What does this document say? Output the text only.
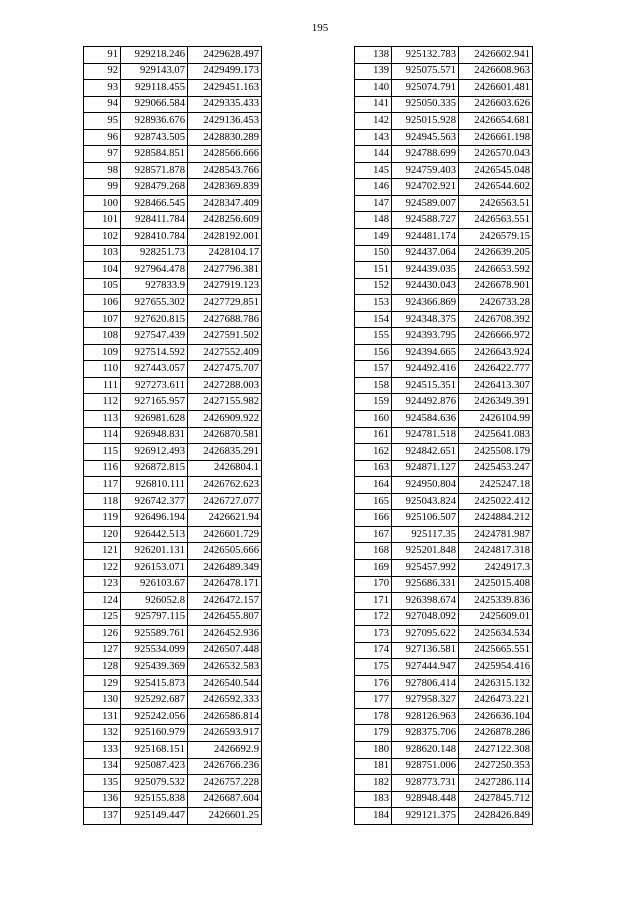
195
91	929218.246	2429628.497
92	929143.07	2429499.173
93	929118.455	2429451.163
94	929066.584	2429335.433
95	928936.676	2429136.453
96	928743.505	2428830.289
97	928584.851	2428566.666
98	928571.878	2428543.766
99	928479.268	2428369.839
100	928466.545	2428347.409
101	928411.784	2428256.609
102	928410.784	2428192.001
103	928251.73	2428104.17
104	927964.478	2427796.381
105	927833.9	2427919.123
106	927655.302	2427729.851
107	927620.815	2427688.786
108	927547.439	2427591.502
109	927514.592	2427552.409
110	927443.057	2427475.707
111	927273.611	2427288.003
112	927165.957	2427155.982
113	926981.628	2426909.922
114	926948.831	2426870.581
115	926912.493	2426835.291
116	926872.815	2426804.1
117	926810.111	2426762.623
118	926742.377	2426727.077
119	926496.194	2426621.94
120	926442.513	2426601.729
121	926201.131	2426505.666
122	926153.071	2426489.349
123	926103.67	2426478.171
124	926052.8	2426472.157
125	925797.115	2426455.807
126	925589.761	2426452.936
127	925534.099	2426507.448
128	925439.369	2426532.583
129	925415.873	2426540.544
130	925292.687	2426592.333
131	925242.056	2426586.814
132	925160.979	2426593.917
133	925168.151	2426692.9
134	925087.423	2426766.236
135	925079.532	2426757.228
136	925155.838	2426687.604
137	925149.447	2426601.25
138	925132.783	2426602.941
139	925075.571	2426608.963
140	925074.791	2426601.481
141	925050.335	2426603.626
142	925015.928	2426654.681
143	924945.563	2426661.198
144	924788.699	2426570.043
145	924759.403	2426545.048
146	924702.921	2426544.602
147	924589.007	2426563.51
148	924588.727	2426563.551
149	924481.174	2426579.15
150	924437.064	2426639.205
151	924439.035	2426653.592
152	924430.043	2426678.901
153	924366.869	2426733.28
154	924348.375	2426708.392
155	924393.795	2426666.972
156	924394.665	2426643.924
157	924492.416	2426422.777
158	924515.351	2426413.307
159	924492.876	2426349.391
160	924584.636	2426104.99
161	924781.518	2425641.083
162	924842.651	2425508.179
163	924871.127	2425453.247
164	924950.804	2425247.18
165	925043.824	2425022.412
166	925106.507	2424884.212
167	925117.35	2424781.987
168	925201.848	2424817.318
169	925457.992	2424917.3
170	925686.331	2425015.408
171	926398.674	2425339.836
172	927048.092	2425609.01
173	927095.622	2425634.534
174	927136.581	2425665.551
175	927444.947	2425954.416
176	927806.414	2426315.132
177	927958.327	2426473.221
178	928126.963	2426636.104
179	928375.706	2426878.286
180	928620.148	2427122.308
181	928751.006	2427250.353
182	928773.731	2427286.114
183	928948.448	2427845.712
184	929121.375	2428426.849
